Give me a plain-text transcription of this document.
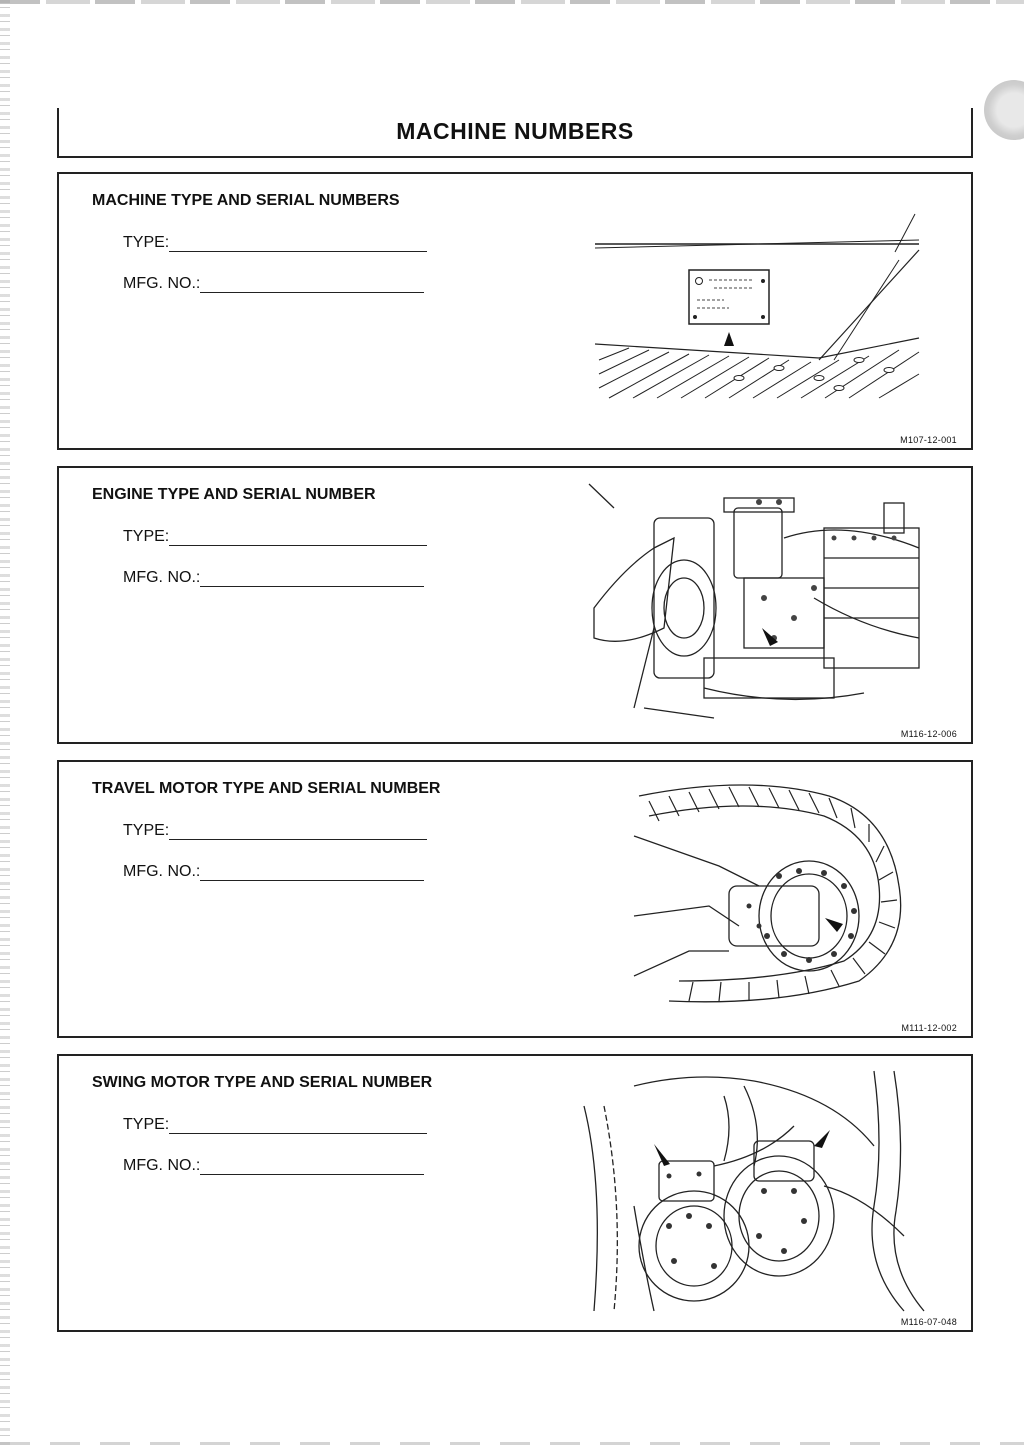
MACHINE NUMBERS
MACHINE TYPE AND SERIAL NUMBERS
TYPE:
MFG. NO.:
M107-12-001
ENGINE TYPE AND SERIAL NUMBER
TYPE:
MFG. NO.:
M116-12-006
TRAVEL MOTOR TYPE AND SERIAL NUMBER
TYPE:
MFG. NO.:
M111-12-002
SWING MOTOR TYPE AND SERIAL NUMBER
TYPE:
MFG. NO.:
M116-07-048
